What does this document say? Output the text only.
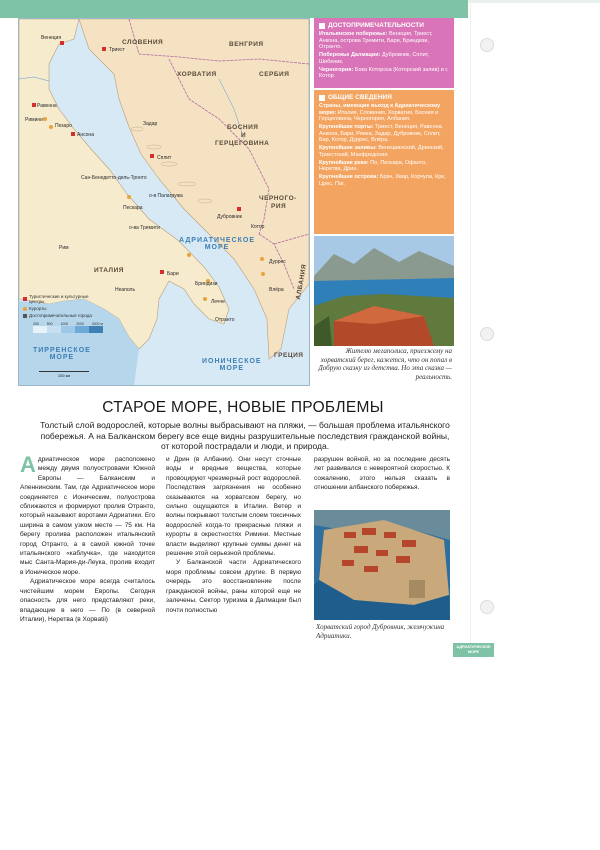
СЛОВЕНИЯ	ВЕНГРИЯ
ХОРВАТИЯ	СЕРБИЯ
БОСНИЯ
И
ГЕРЦЕГОВИНА
ЧЕРНОГО-
РИЯ
ИТАЛИЯ	АЛБАНИЯ
ГРЕЦИЯ
АДРИАТИЧЕСКОЕ
МОРЕ
ТИРРЕНСКОЕ
МОРЕ
ИОНИЧЕСКОЕ
МОРЕ
Венеция
Триест
Равенна
Римини
Пезаро
Ансона
Задар
Сплит
Дубровник
Котор
Пескара
Сан-Бенедетто-дель-Тронто
о-в Палагружа
о-ва Тремити
Бари
Бриндизи
Лечче
Отранто
Дуррес
Влёра
Рим
Неаполь
Туристические и культурные центры
Курорты
Достопримечательные города
200 500 1000 2000 3000 м
100 км
ДОСТОПРИМЕЧАТЕЛЬНОСТИ

Итальянское побережье: Венеция, Триест, Анкона, острова Тремити, Бари, Бриндизи, Отранто.

Побережье Далмации: Дубровник, Сплит, Шибеник.

Черногория: Бока Которска (Которский залив) и г. Котор.

ОБЩИЕ СВЕДЕНИЯ

Страны, имеющие выход к Адриатическому морю: Италия, Словения, Хорватия, Босния и Герцеговина, Черногория, Албания.

Крупнейшие порты: Триест, Венеция, Равенна, Анкона, Бари, Риека, Задар, Дубровник, Сплит, Бар, Котор, Дуррес, Влёра.

Крупнейшие заливы: Венецианский, Дринский, Триестский, Манфредония.

Крупнейшие реки: По, Пескара, Офанто, Неретва, Дрин.

Крупнейшие острова: Брач, Хвар, Корчула, Крк, Црес, Паг.

Жителю мегаполиса, приезжему на хорватский берег, кажется, что он попал в Добрую сказку из детства. Но эта сказка — реальность.
СТАРОЕ МОРЕ, НОВЫЕ ПРОБЛЕМЫ
Толстый слой водорослей, которые волны выбрасывают на пляжи, — большая проблема итальянского побережья. А на Балканском берегу все еще видны разрушительные последствия гражданской войны, от которой пострадали и люди, и природа.

Адриатическое море расположено между двумя полуостровами Южной Европы — Балканским и Апеннинским. Там, где Адриатическое море соединяется с Ионическим, полуострова сближаются и формируют пролив Отранто, который называют воротами Адриатики. Его ширина в самом узком месте — 75 км. На берегу пролива расположен итальянский город Отранто, а в самой южной точке итальянского «каблучка», где находится мыс Санта-Мария-ди-Леука, пролив входит в Ионическое море.

Адриатическое море всегда считалось чистейшим морем Европы. Сегодня опасность для него представляют реки, впадающие в него — По (в северной Италии), Неретва (в Хорвatii)

и Дрин (в Албании). Они несут сточные воды и вредные вещества, которые провоцируют чрезмерный рост водорослей. Последствия загрязнения не особенно сказываются на хорватском берегу, но сильно ощущаются в Италии. Ветер и волны покрывают толстым слоем токсичных водорослей когда-то прекрасные пляжи и курорты в окрестностях Римини. Местные власти выделяют крупные суммы денег на решение этой серьезной проблемы.

У Балканской части Адриатического моря проблемы совсем другие. В первую очередь это восстановление после гражданской войны, раны которой еще не залечены. Сектор туризма в Далмации был почти полностью

разрушен войной, но за последние десять лет развивался с невероятной скоростью. К сожалению, этого нельзя сказать в отношении албанского побережья.

Хорватский город Дубровник, жемчужина Адриатики.
АДРИАТИЧЕСКОЕ МОРЕ
